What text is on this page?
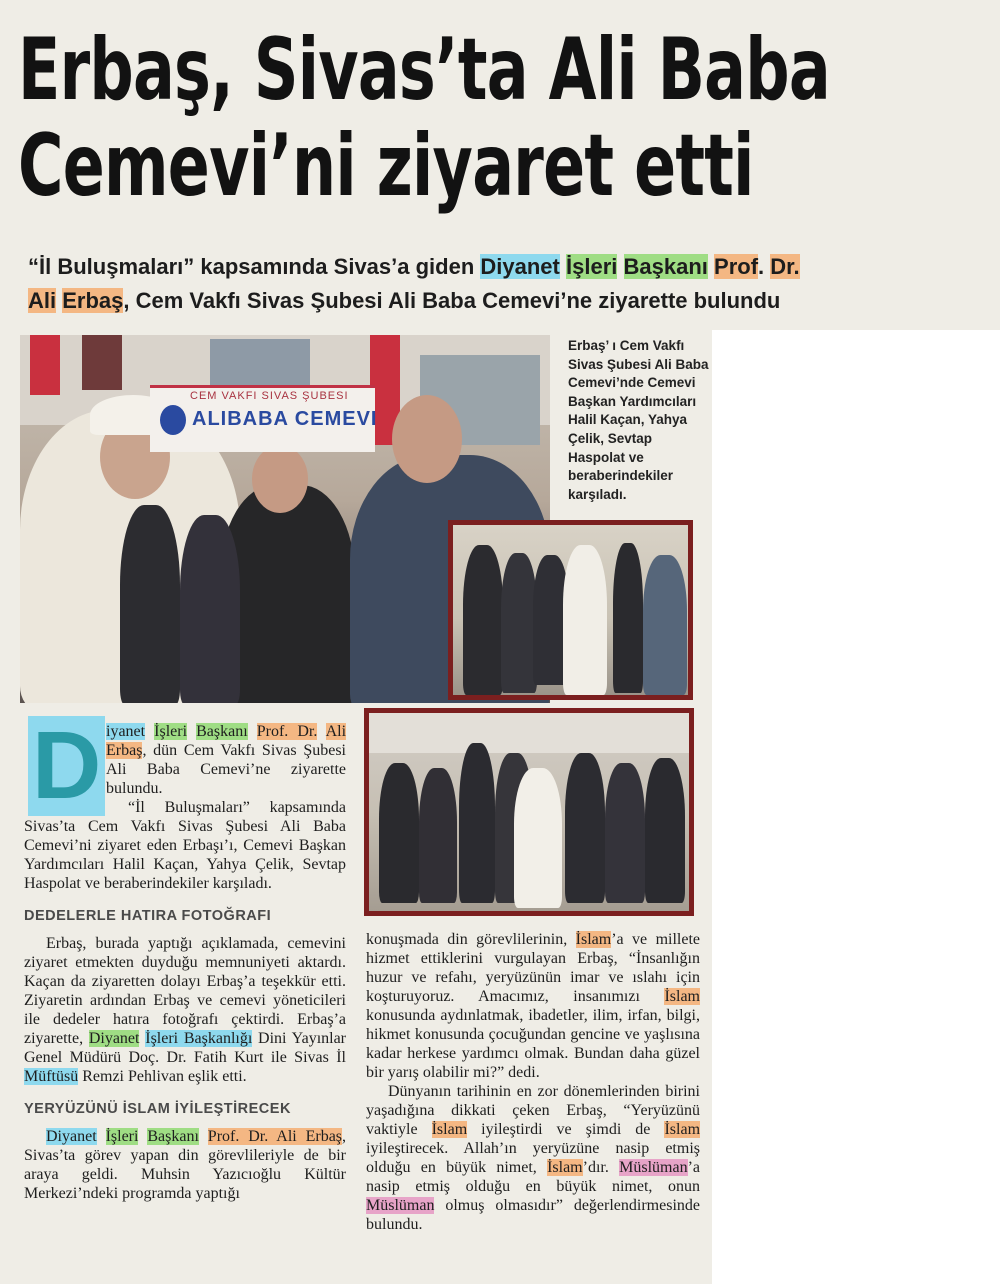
Erbaş, Sivas’ta Ali Baba
Cemevi’ni ziyaret etti
“İl Buluşmaları” kapsamında Sivas’a giden Diyanet İşleri Başkanı Prof. Dr.
Ali Erbaş, Cem Vakfı Sivas Şubesi Ali Baba Cemevi’ne ziyarette bulundu
CEM VAKFI SIVAS ŞUBESI
ALIBABA CEMEVI
Erbaş’ ı Cem Vakfı Sivas Şubesi Ali Baba Cemevi’nde Cemevi Başkan Yardımcıları Halil Kaçan, Yahya Çelik, Sevtap Haspolat ve beraberindekiler karşıladı.
D iyanet İşleri Başkanı Prof. Dr. Ali Erbaş, dün Cem Vakfı Sivas Şubesi Ali Baba Cemevi’ne ziyarette bulundu.

“İl Buluşmaları” kapsamında Sivas’ta Cem Vakfı Sivas Şubesi Ali Baba Cemevi’ni ziyaret eden Erbaşı’ı, Cemevi Başkan Yardımcıları Halil Kaçan, Yahya Çelik, Sevtap Haspolat ve beraberindekiler karşıladı.

DEDELERLE HATIRA FOTOĞRAFI

Erbaş, burada yaptığı açıklamada, cemevini ziyaret etmekten duyduğu memnuniyeti aktardı. Kaçan da ziyaretten dolayı Erbaş’a teşekkür etti. Ziyaretin ardından Erbaş ve cemevi yöneticileri ile dedeler hatıra fotoğrafı çektirdi. Erbaş’a ziyarette, Diyanet İşleri Başkanlığı Dini Yayınlar Genel Müdürü Doç. Dr. Fatih Kurt ile Sivas İl Müftüsü Remzi Pehlivan eşlik etti.

YERYÜZÜNÜ İSLAM İYİLEŞTİRECEK

Diyanet İşleri Başkanı Prof. Dr. Ali Erbaş, Sivas’ta görev yapan din görevlileriyle de bir araya geldi. Muhsin Yazıcıoğlu Kültür Merkezi’ndeki programda yaptığı

konuşmada din görevlilerinin, İslam’a ve millete hizmet ettiklerini vurgulayan Erbaş, “İnsanlığın huzur ve refahı, yeryüzünün imar ve ıslahı için koşturuyoruz. Amacımız, insanımızı İslam konusunda aydınlatmak, ibadetler, ilim, irfan, bilgi, hikmet konusunda çocuğundan gencine ve yaşlısına kadar herkese yardımcı olmak. Bundan daha güzel bir yarış olabilir mi?” dedi.

Dünyanın tarihinin en zor dönemlerinden birini yaşadığına dikkati çeken Erbaş, “Yeryüzünü vaktiyle İslam iyileştirdi ve şimdi de İslam iyileştirecek. Allah’ın yeryüzüne nasip etmiş olduğu en büyük nimet, İslam’dır. Müslüman’a nasip etmiş olduğu en büyük nimet, onun Müslüman olmuş olmasıdır” değerlendirmesinde bulundu.
